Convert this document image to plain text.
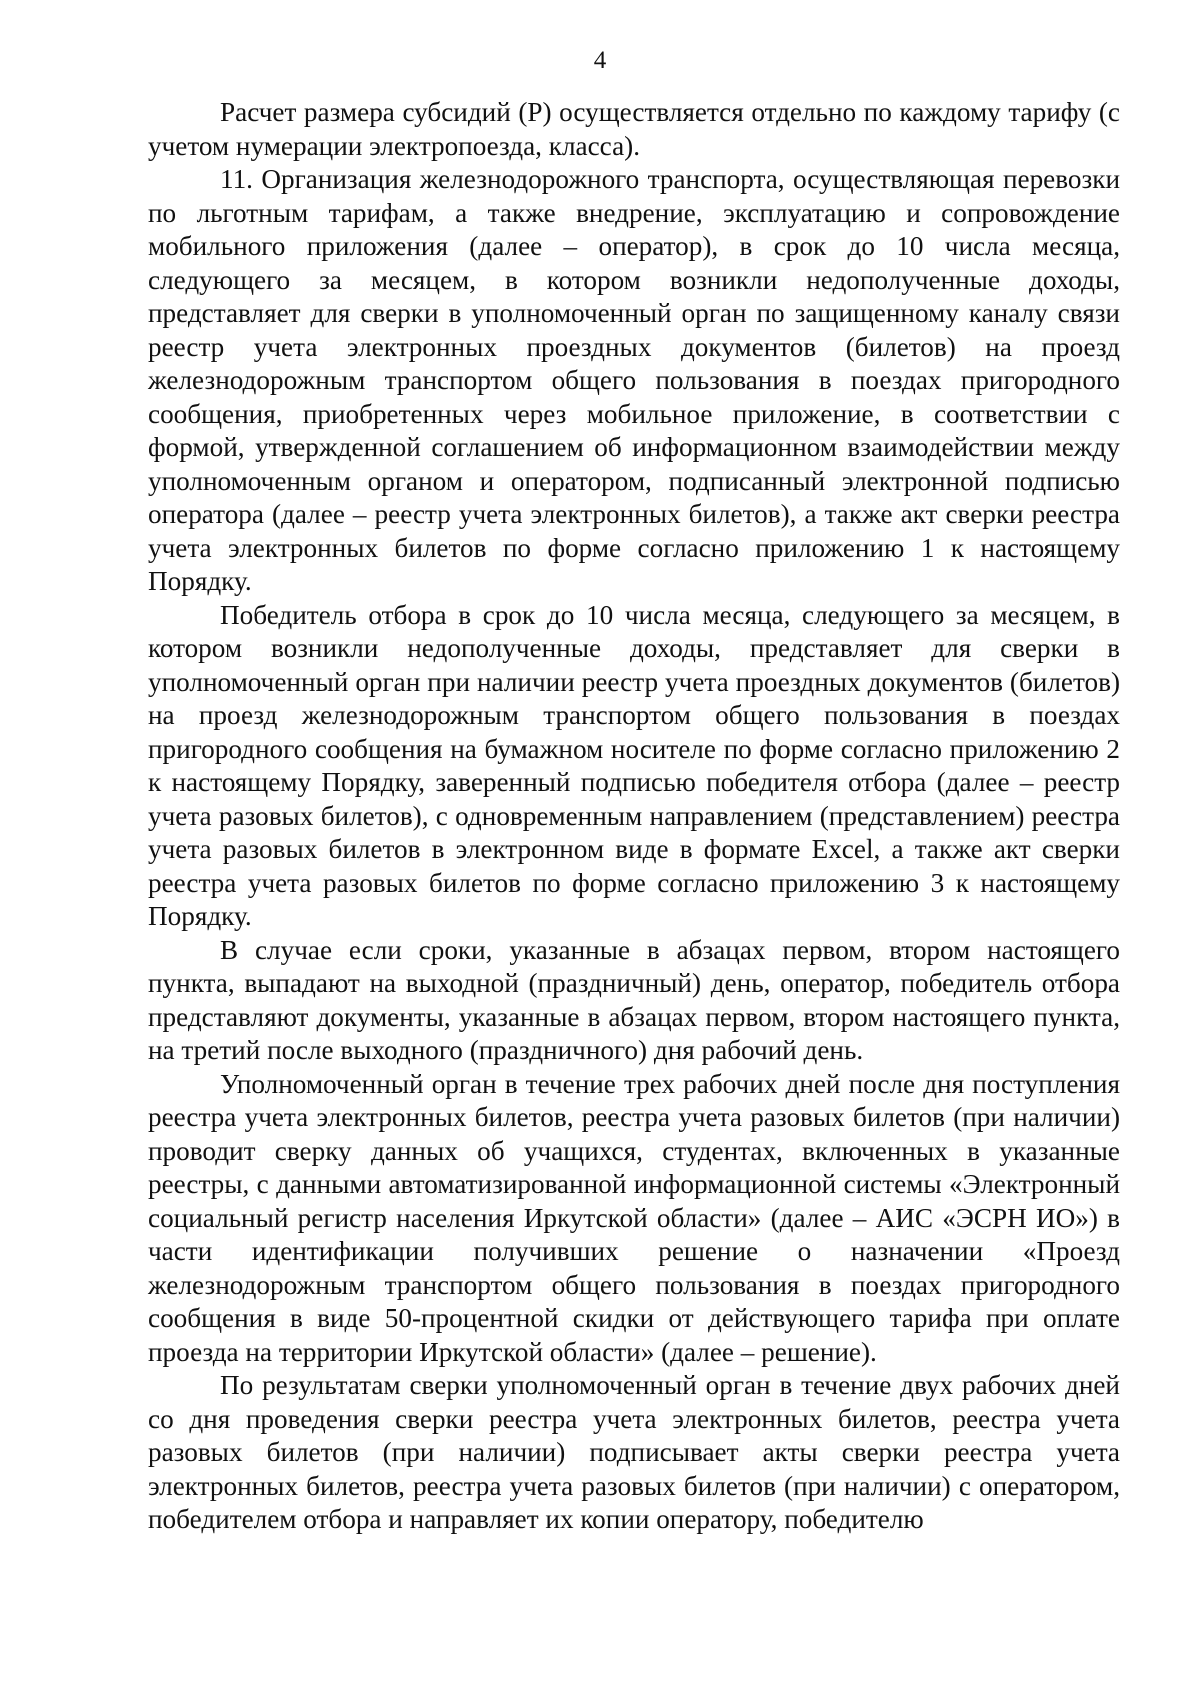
4

Расчет размера субсидий (Р) осуществляется отдельно по каждому тарифу (с учетом нумерации электропоезда, класса).

11. Организация железнодорожного транспорта, осуществляющая перевозки по льготным тарифам, а также внедрение, эксплуатацию и сопровождение мобильного приложения (далее – оператор), в срок до 10 числа месяца, следующего за месяцем, в котором возникли недополученные доходы, представляет для сверки в уполномоченный орган по защищенному каналу связи реестр учета электронных проездных документов (билетов) на проезд железнодорожным транспортом общего пользования в поездах пригородного сообщения, приобретенных через мобильное приложение, в соответствии с формой, утвержденной соглашением об информационном взаимодействии между уполномоченным органом и оператором, подписанный электронной подписью оператора (далее – реестр учета электронных билетов), а также акт сверки реестра учета электронных билетов по форме согласно приложению 1 к настоящему Порядку.

Победитель отбора в срок до 10 числа месяца, следующего за месяцем, в котором возникли недополученные доходы, представляет для сверки в уполномоченный орган при наличии реестр учета проездных документов (билетов) на проезд железнодорожным транспортом общего пользования в поездах пригородного сообщения на бумажном носителе по форме согласно приложению 2 к настоящему Порядку, заверенный подписью победителя отбора (далее – реестр учета разовых билетов), с одновременным направлением (представлением) реестра учета разовых билетов в электронном виде в формате Excel, а также акт сверки реестра учета разовых билетов по форме согласно приложению 3 к настоящему Порядку.

В случае если сроки, указанные в абзацах первом, втором настоящего пункта, выпадают на выходной (праздничный) день, оператор, победитель отбора представляют документы, указанные в абзацах первом, втором настоящего пункта, на третий после выходного (праздничного) дня рабочий день.

Уполномоченный орган в течение трех рабочих дней после дня поступления реестра учета электронных билетов, реестра учета разовых билетов (при наличии) проводит сверку данных об учащихся, студентах, включенных в указанные реестры, с данными автоматизированной информационной системы «Электронный социальный регистр населения Иркутской области» (далее – АИС «ЭСРН ИО») в части идентификации получивших решение о назначении «Проезд железнодорожным транспортом общего пользования в поездах пригородного сообщения в виде 50-процентной скидки от действующего тарифа при оплате проезда на территории Иркутской области» (далее – решение).

По результатам сверки уполномоченный орган в течение двух рабочих дней со дня проведения сверки реестра учета электронных билетов, реестра учета разовых билетов (при наличии) подписывает акты сверки реестра учета электронных билетов, реестра учета разовых билетов (при наличии) с оператором, победителем отбора и направляет их копии оператору, победителю
